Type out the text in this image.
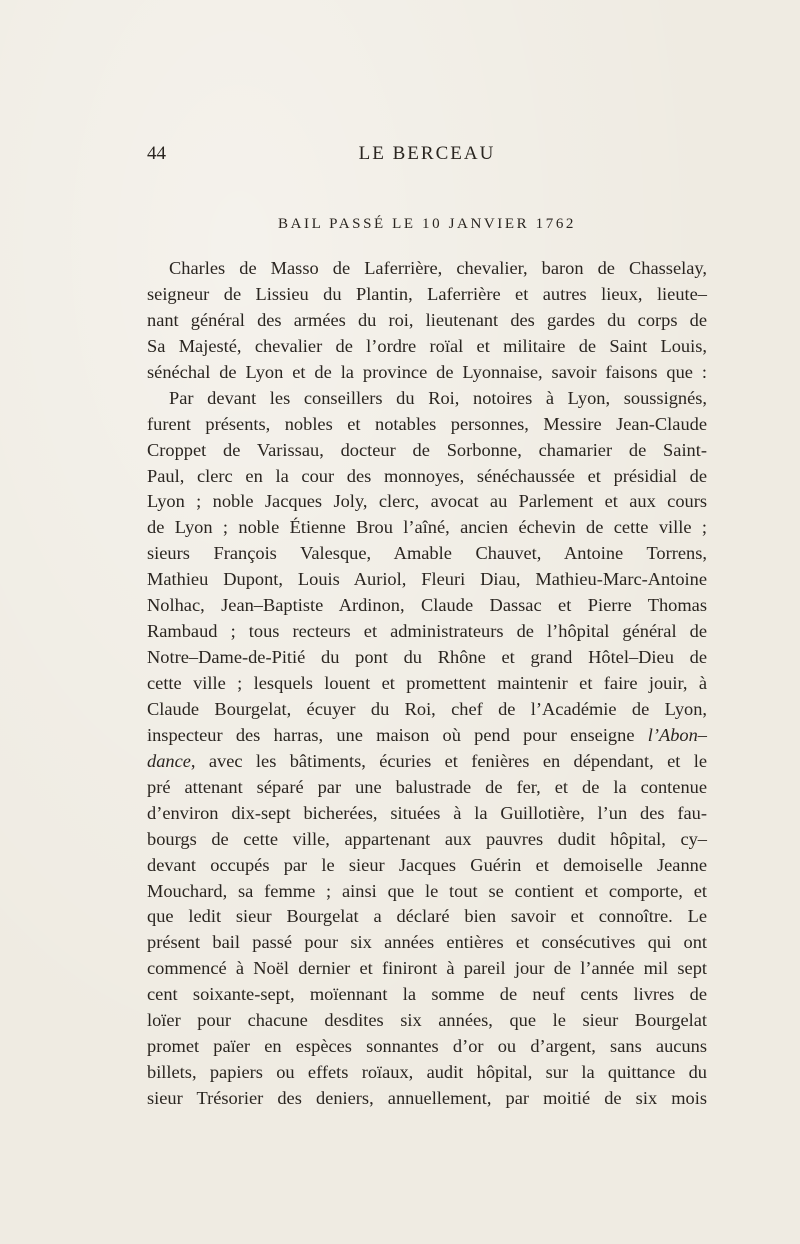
44	LE BERCEAU
BAIL PASSÉ LE 10 JANVIER 1762
Charles de Masso de Laferrière, chevalier, baron de Chasselay,
seigneur de Lissieu du Plantin, Laferrière et autres lieux, lieute–
nant général des armées du roi, lieutenant des gardes du corps de
Sa Majesté, chevalier de l’ordre roïal et militaire de Saint Louis,
sénéchal de Lyon et de la province de Lyonnaise, savoir faisons que :
Par devant les conseillers du Roi, notoires à Lyon, soussignés,
furent présents, nobles et notables personnes, Messire Jean-Claude
Croppet de Varissau, docteur de Sorbonne, chamarier de Saint-
Paul, clerc en la cour des monnoyes, sénéchaussée et présidial de
Lyon ; noble Jacques Joly, clerc, avocat au Parlement et aux cours
de Lyon ; noble Étienne Brou l’aîné, ancien échevin de cette ville ;
sieurs François Valesque, Amable Chauvet, Antoine Torrens,
Mathieu Dupont, Louis Auriol, Fleuri Diau, Mathieu-Marc-Antoine
Nolhac, Jean–Baptiste Ardinon, Claude Dassac et Pierre Thomas
Rambaud ; tous recteurs et administrateurs de l’hôpital général de
Notre–Dame-de-Pitié du pont du Rhône et grand Hôtel–Dieu de
cette ville ; lesquels louent et promettent maintenir et faire jouir, à
Claude Bourgelat, écuyer du Roi, chef de l’Académie de Lyon,
inspecteur des harras, une maison où pend pour enseigne l’Abon–
dance, avec les bâtiments, écuries et fenières en dépendant, et le
pré attenant séparé par une balustrade de fer, et de la contenue
d’environ dix-sept bicherées, situées à la Guillotière, l’un des fau-
bourgs de cette ville, appartenant aux pauvres dudit hôpital, cy–
devant occupés par le sieur Jacques Guérin et demoiselle Jeanne
Mouchard, sa femme ; ainsi que le tout se contient et comporte, et
que ledit sieur Bourgelat a déclaré bien savoir et connoître. Le
présent bail passé pour six années entières et consécutives qui ont
commencé à Noël dernier et finiront à pareil jour de l’année mil sept
cent soixante-sept, moïennant la somme de neuf cents livres de
loïer pour chacune desdites six années, que le sieur Bourgelat
promet païer en espèces sonnantes d’or ou d’argent, sans aucuns
billets, papiers ou effets roïaux, audit hôpital, sur la quittance du
sieur Trésorier des deniers, annuellement, par moitié de six mois
